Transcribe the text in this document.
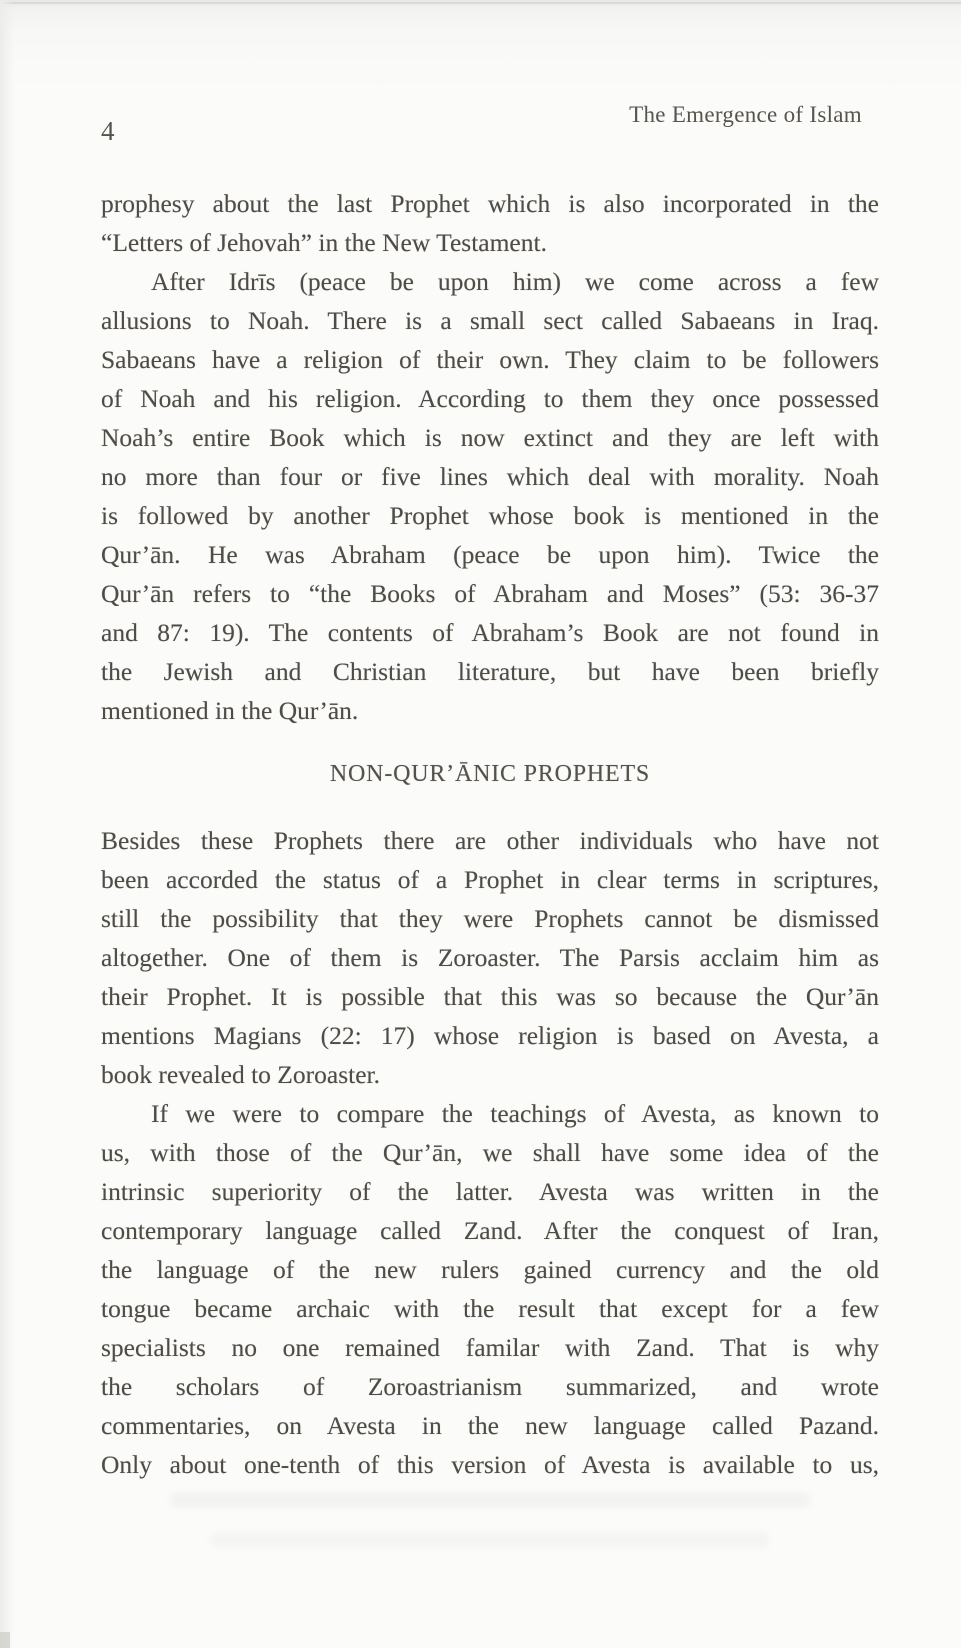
4
The Emergence of Islam
prophesy about the last Prophet which is also incorporated in the
“Letters of Jehovah” in the New Testament.
After Idrīs (peace be upon him) we come across a few
allusions to Noah. There is a small sect called Sabaeans in Iraq.
Sabaeans have a religion of their own. They claim to be followers
of Noah and his religion. According to them they once possessed
Noah’s entire Book which is now extinct and they are left with
no more than four or five lines which deal with morality. Noah
is followed by another Prophet whose book is mentioned in the
Qur’ān. He was Abraham (peace be upon him). Twice the
Qur’ān refers to “the Books of Abraham and Moses” (53: 36-37
and 87: 19). The contents of Abraham’s Book are not found in
the Jewish and Christian literature, but have been briefly
mentioned in the Qur’ān.
NON-QUR’ĀNIC PROPHETS
Besides these Prophets there are other individuals who have not
been accorded the status of a Prophet in clear terms in scriptures,
still the possibility that they were Prophets cannot be dismissed
altogether. One of them is Zoroaster. The Parsis acclaim him as
their Prophet. It is possible that this was so because the Qur’ān
mentions Magians (22: 17) whose religion is based on Avesta, a
book revealed to Zoroaster.
If we were to compare the teachings of Avesta, as known to
us, with those of the Qur’ān, we shall have some idea of the
intrinsic superiority of the latter. Avesta was written in the
contemporary language called Zand. After the conquest of Iran,
the language of the new rulers gained currency and the old
tongue became archaic with the result that except for a few
specialists no one remained familar with Zand. That is why
the scholars of Zoroastrianism summarized, and wrote
commentaries, on Avesta in the new language called Pazand.
Only about one-tenth of this version of Avesta is available to us,
